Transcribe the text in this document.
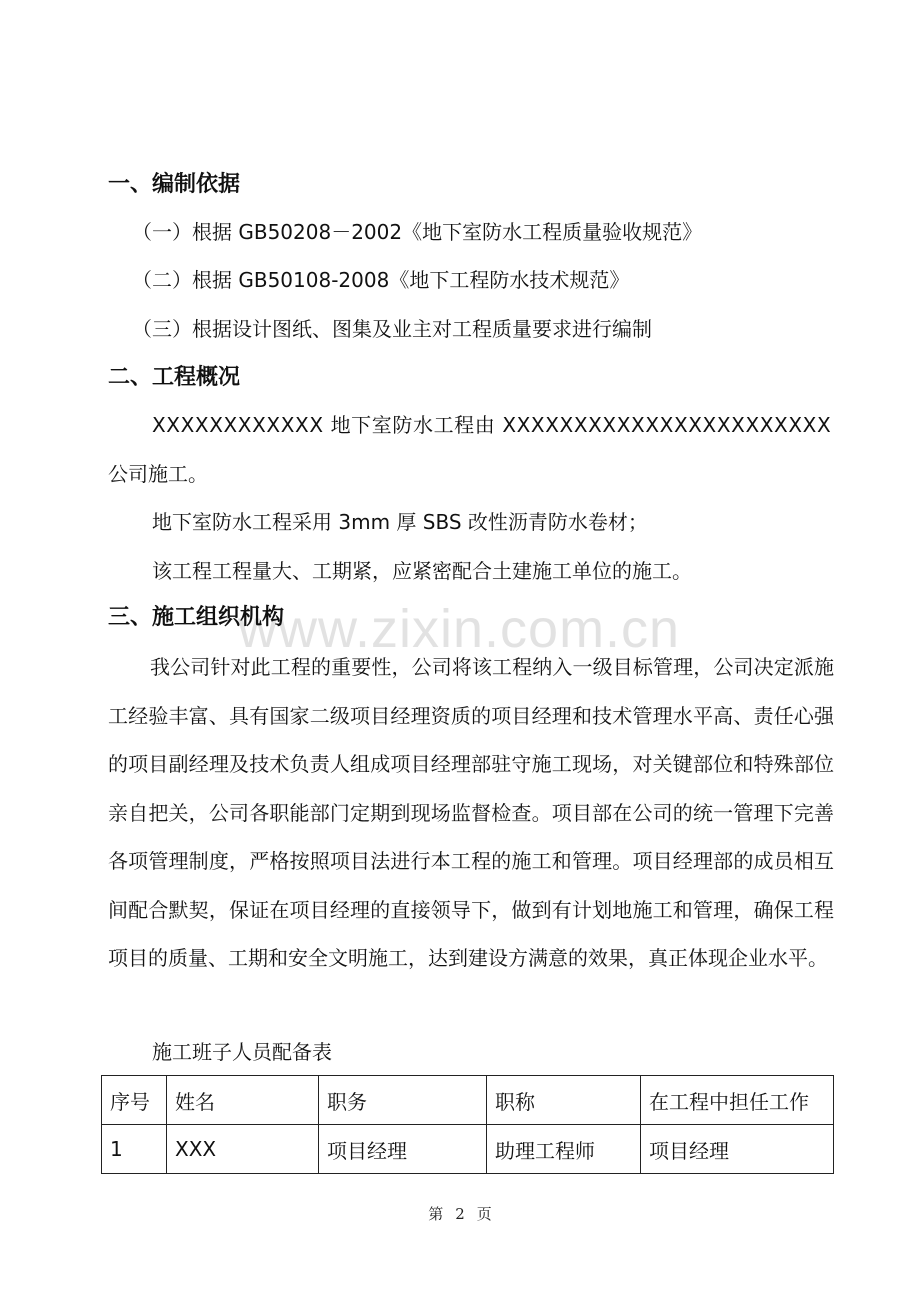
www.zixin.com.cn
一、编制依据

（一）根据 GB50208－2002《地下室防水工程质量验收规范》

（二）根据 GB50108-2008《地下工程防水技术规范》

（三）根据设计图纸、图集及业主对工程质量要求进行编制

二、工程概况

XXXXXXXXXXXX 地下室防水工程由 XXXXXXXXXXXXXXXXXXXXXXX

公司施工。

地下室防水工程采用 3mm 厚 SBS 改性沥青防水卷材；

该工程工程量大、工期紧，应紧密配合土建施工单位的施工。

三、施工组织机构

我公司针对此工程的重要性，公司将该工程纳入一级目标管理，公司决定派施工经验丰富、具有国家二级项目经理资质的项目经理和技术管理水平高、责任心强的项目副经理及技术负责人组成项目经理部驻守施工现场，对关键部位和特殊部位亲自把关，公司各职能部门定期到现场监督检查。项目部在公司的统一管理下完善各项管理制度，严格按照项目法进行本工程的施工和管理。项目经理部的成员相互间配合默契，保证在项目经理的直接领导下，做到有计划地施工和管理，确保工程项目的质量、工期和安全文明施工，达到建设方满意的效果，真正体现企业水平。

施工班子人员配备表

序号	姓名	职务	职称	在工程中担任工作
1	XXX	项目经理	助理工程师	项目经理
第 2 页
